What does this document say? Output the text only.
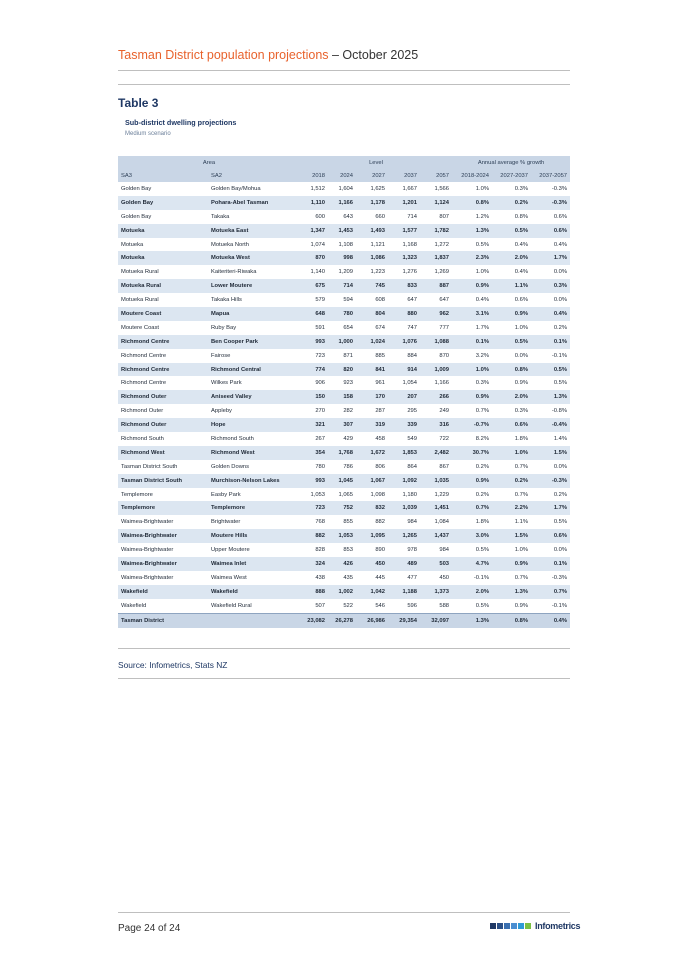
Tasman District population projections – October 2025
Table 3
Sub-district dwelling projections
Medium scenario
Area		Level					Annual average % growth		
SA3	SA2	2018	2024	2027	2037	2057	2018-2024	2027-2037	2037-2057
Golden Bay	Golden Bay/Mohua	1,512	1,604	1,625	1,667	1,566	1.0%	0.3%	-0.3%
Golden Bay	Pohara-Abel Tasman	1,110	1,166	1,178	1,201	1,124	0.8%	0.2%	-0.3%
Golden Bay	Takaka	600	643	660	714	807	1.2%	0.8%	0.6%
Motueka	Motueka East	1,347	1,453	1,493	1,577	1,782	1.3%	0.5%	0.6%
Motueka	Motueka North	1,074	1,108	1,121	1,168	1,272	0.5%	0.4%	0.4%
Motueka	Motueka West	870	998	1,086	1,323	1,837	2.3%	2.0%	1.7%
Motueka Rural	Kaiteriteri-Riwaka	1,140	1,209	1,223	1,276	1,269	1.0%	0.4%	0.0%
Motueka Rural	Lower Moutere	675	714	745	833	887	0.9%	1.1%	0.3%
Motueka Rural	Takaka Hills	579	594	608	647	647	0.4%	0.6%	0.0%
Moutere Coast	Mapua	648	780	804	880	962	3.1%	0.9%	0.4%
Moutere Coast	Ruby Bay	591	654	674	747	777	1.7%	1.0%	0.2%
Richmond Centre	Ben Cooper Park	993	1,000	1,024	1,076	1,088	0.1%	0.5%	0.1%
Richmond Centre	Fairose	723	871	885	884	870	3.2%	0.0%	-0.1%
Richmond Centre	Richmond Central	774	820	841	914	1,009	1.0%	0.8%	0.5%
Richmond Centre	Wilkes Park	906	923	961	1,054	1,166	0.3%	0.9%	0.5%
Richmond Outer	Aniseed Valley	150	158	170	207	266	0.9%	2.0%	1.3%
Richmond Outer	Appleby	270	282	287	295	249	0.7%	0.3%	-0.8%
Richmond Outer	Hope	321	307	319	339	316	-0.7%	0.6%	-0.4%
Richmond South	Richmond South	267	429	458	549	722	8.2%	1.8%	1.4%
Richmond West	Richmond West	354	1,768	1,672	1,853	2,482	30.7%	1.0%	1.5%
Tasman District South	Golden Downs	780	786	806	864	867	0.2%	0.7%	0.0%
Tasman District South	Murchison-Nelson Lakes	993	1,045	1,067	1,092	1,035	0.9%	0.2%	-0.3%
Templemore	Easby Park	1,053	1,065	1,098	1,180	1,229	0.2%	0.7%	0.2%
Templemore	Templemore	723	752	832	1,039	1,451	0.7%	2.2%	1.7%
Waimea-Brightwater	Brightwater	768	855	882	984	1,084	1.8%	1.1%	0.5%
Waimea-Brightwater	Moutere Hills	882	1,053	1,095	1,265	1,437	3.0%	1.5%	0.6%
Waimea-Brightwater	Upper Moutere	828	853	890	978	984	0.5%	1.0%	0.0%
Waimea-Brightwater	Waimea Inlet	324	426	450	489	503	4.7%	0.9%	0.1%
Waimea-Brightwater	Waimea West	438	435	445	477	450	-0.1%	0.7%	-0.3%
Wakefield	Wakefield	888	1,002	1,042	1,188	1,373	2.0%	1.3%	0.7%
Wakefield	Wakefield Rural	507	522	546	596	588	0.5%	0.9%	-0.1%
Tasman District		23,082	26,278	26,986	29,354	32,097	1.3%	0.8%	0.4%
Source: Infometrics, Stats NZ
Page 24 of 24	Infometrics
